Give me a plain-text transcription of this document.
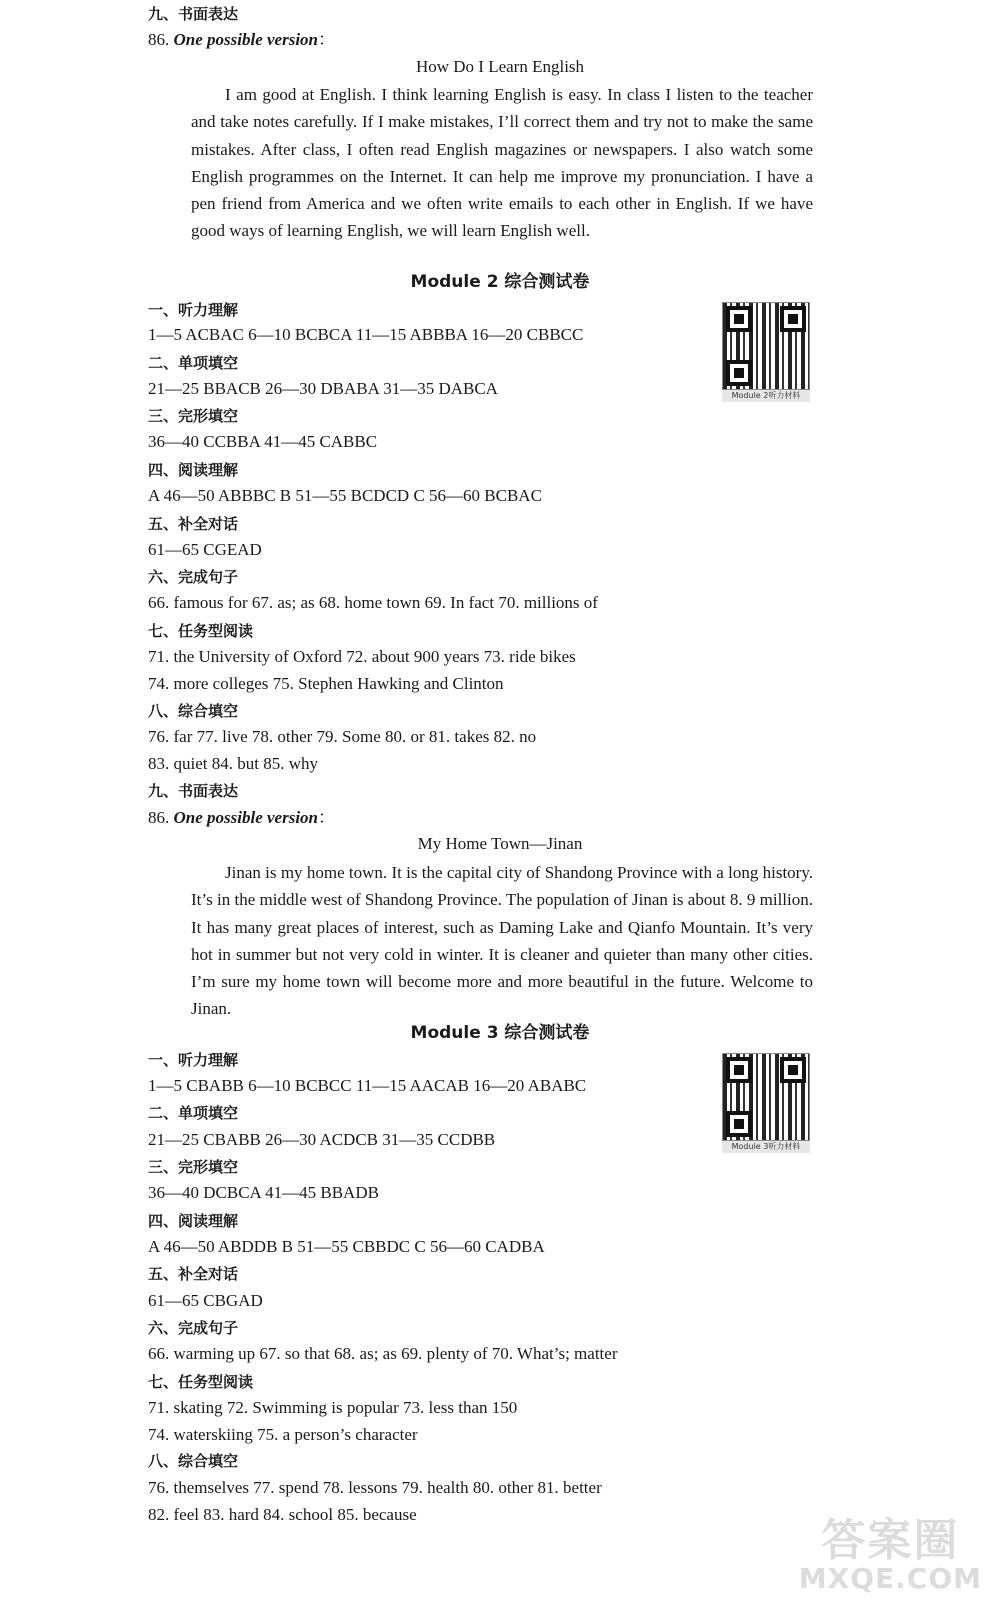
九、书面表达
86. One possible version：
How Do I Learn English

I am good at English. I think learning English is easy. In class I listen to the teacher and take notes carefully. If I make mistakes, I’ll correct them and try not to make the same mistakes. After class, I often read English magazines or newspapers. I also watch some English programmes on the Internet. It can help me improve my pronunciation. I have a pen friend from America and we often write emails to each other in English. If we have good ways of learning English, we will learn English well.

Module 2 综合测试卷
Module 2听力材料
一、听力理解
1—5 ACBAC 6—10 BCBCA 11—15 ABBBA 16—20 CBBCC
二、单项填空
21—25 BBACB 26—30 DBABA 31—35 DABCA
三、完形填空
36—40 CCBBA 41—45 CABBC
四、阅读理解
A 46—50 ABBBC B 51—55 BCDCD C 56—60 BCBAC
五、补全对话
61—65 CGEAD
六、完成句子
66. famous for 67. as; as 68. home town 69. In fact 70. millions of
七、任务型阅读
71. the University of Oxford 72. about 900 years 73. ride bikes
74. more colleges 75. Stephen Hawking and Clinton
八、综合填空
76. far 77. live 78. other 79. Some 80. or 81. takes 82. no
83. quiet 84. but 85. why
九、书面表达
86. One possible version：
My Home Town—Jinan

Jinan is my home town. It is the capital city of Shandong Province with a long history. It’s in the middle west of Shandong Province. The population of Jinan is about 8. 9 million. It has many great places of interest, such as Daming Lake and Qianfo Mountain. It’s very hot in summer but not very cold in winter. It is cleaner and quieter than many other cities. I’m sure my home town will become more and more beautiful in the future. Welcome to Jinan.

Module 3 综合测试卷
Module 3听力材料
一、听力理解
1—5 CBABB 6—10 BCBCC 11—15 AACAB 16—20 ABABC
二、单项填空
21—25 CBABB 26—30 ACDCB 31—35 CCDBB
三、完形填空
36—40 DCBCA 41—45 BBADB
四、阅读理解
A 46—50 ABDDB B 51—55 CBBDC C 56—60 CADBA
五、补全对话
61—65 CBGAD
六、完成句子
66. warming up 67. so that 68. as; as 69. plenty of 70. What’s; matter
七、任务型阅读
71. skating 72. Swimming is popular 73. less than 150
74. waterskiing 75. a person’s character
八、综合填空
76. themselves 77. spend 78. lessons 79. health 80. other 81. better
82. feel 83. hard 84. school 85. because
答案圈
MXQE.COM
